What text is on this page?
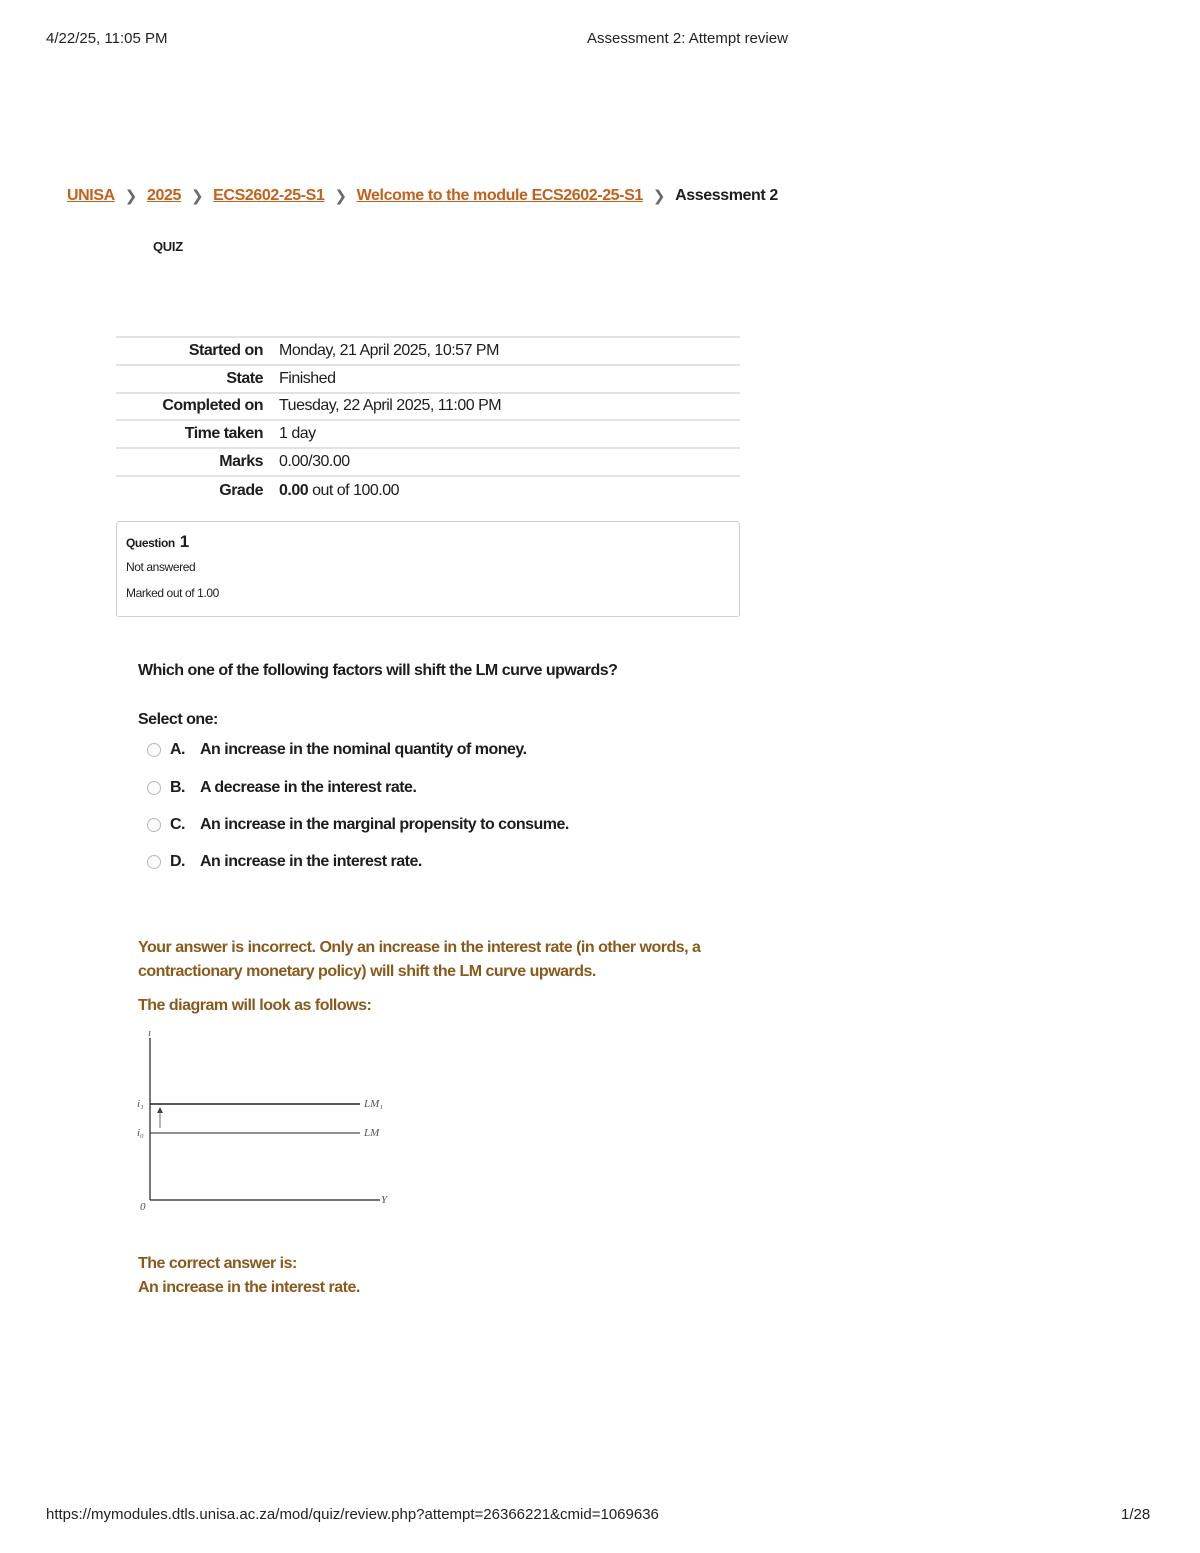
4/22/25, 11:05 PM	Assessment 2: Attempt review
UNISA ❯ 2025 ❯ ECS2602-25-S1 ❯ Welcome to the module ECS2602-25-S1 ❯ Assessment 2
QUIZ
Started on	Monday, 21 April 2025, 10:57 PM
State	Finished
Completed on	Tuesday, 22 April 2025, 11:00 PM
Time taken	1 day
Marks	0.00/30.00
Grade	0.00 out of 100.00
Question 1
Not answered
Marked out of 1.00
Which one of the following factors will shift the LM curve upwards?
Select one:
A. An increase in the nominal quantity of money.
B. A decrease in the interest rate.
C. An increase in the marginal propensity to consume.
D. An increase in the interest rate.
Your answer is incorrect. Only an increase in the interest rate (in other words, a
contractionary monetary policy) will shift the LM curve upwards.
The diagram will look as follows:
i
Y
0
i₁
i₀
LM₁
LM
The correct answer is:
An increase in the interest rate.
https://mymodules.dtls.unisa.ac.za/mod/quiz/review.php?attempt=26366221&cmid=1069636	1/28
